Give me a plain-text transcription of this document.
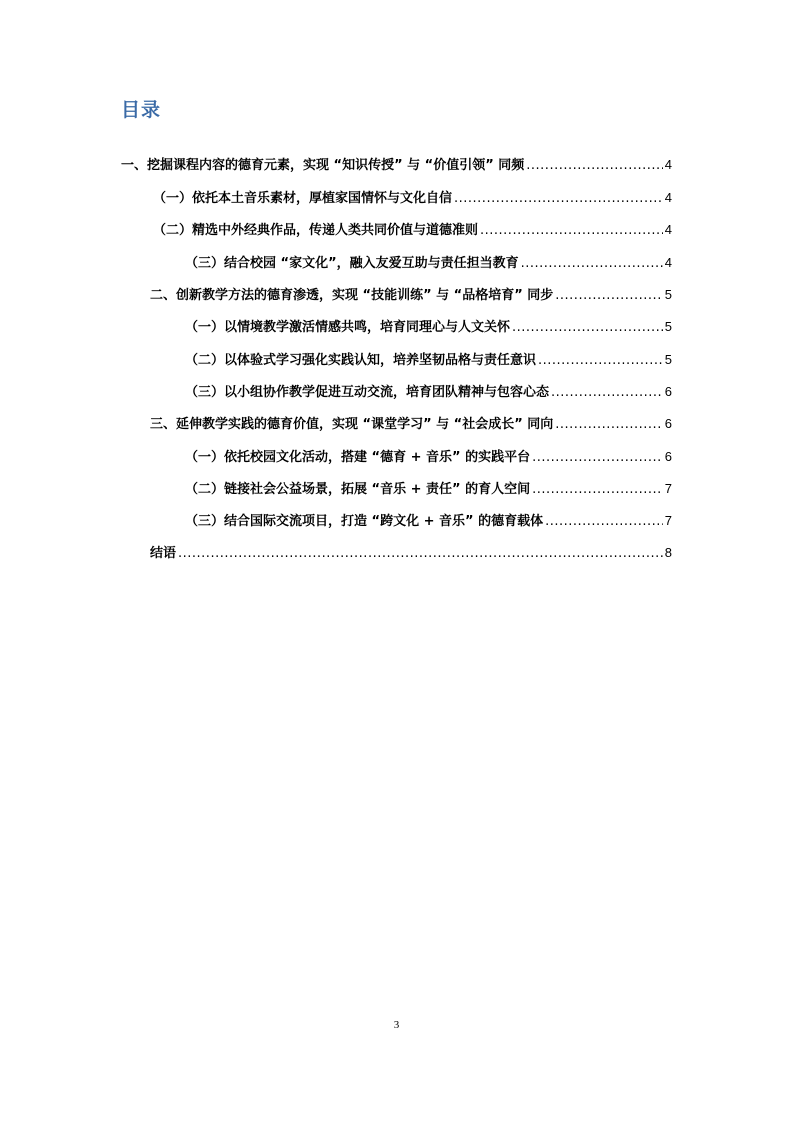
目录
一、挖掘课程内容的德育元素，实现 “知识传授” 与 “价值引领” 同频 .....	4
（一）依托本土音乐素材，厚植家国情怀与文化自信 .....	4
（二）精选中外经典作品，传递人类共同价值与道德准则 .....	4
（三）结合校园 “家文化”，融入友爱互助与责任担当教育 .....	4
二、创新教学方法的德育渗透，实现 “技能训练” 与 “品格培育” 同步 .....	5
（一）以情境教学激活情感共鸣，培育同理心与人文关怀 .....	5
（二）以体验式学习强化实践认知，培养坚韧品格与责任意识 .....	5
（三）以小组协作教学促进互动交流，培育团队精神与包容心态 .....	6
三、延伸教学实践的德育价值，实现 “课堂学习” 与 “社会成长” 同向 .....	6
（一）依托校园文化活动，搭建 “德育 + 音乐” 的实践平台 .....	6
（二）链接社会公益场景，拓展 “音乐 + 责任” 的育人空间 .....	7
（三）结合国际交流项目，打造 “跨文化 + 音乐” 的德育载体 .....	7
结语 .....	8
3
